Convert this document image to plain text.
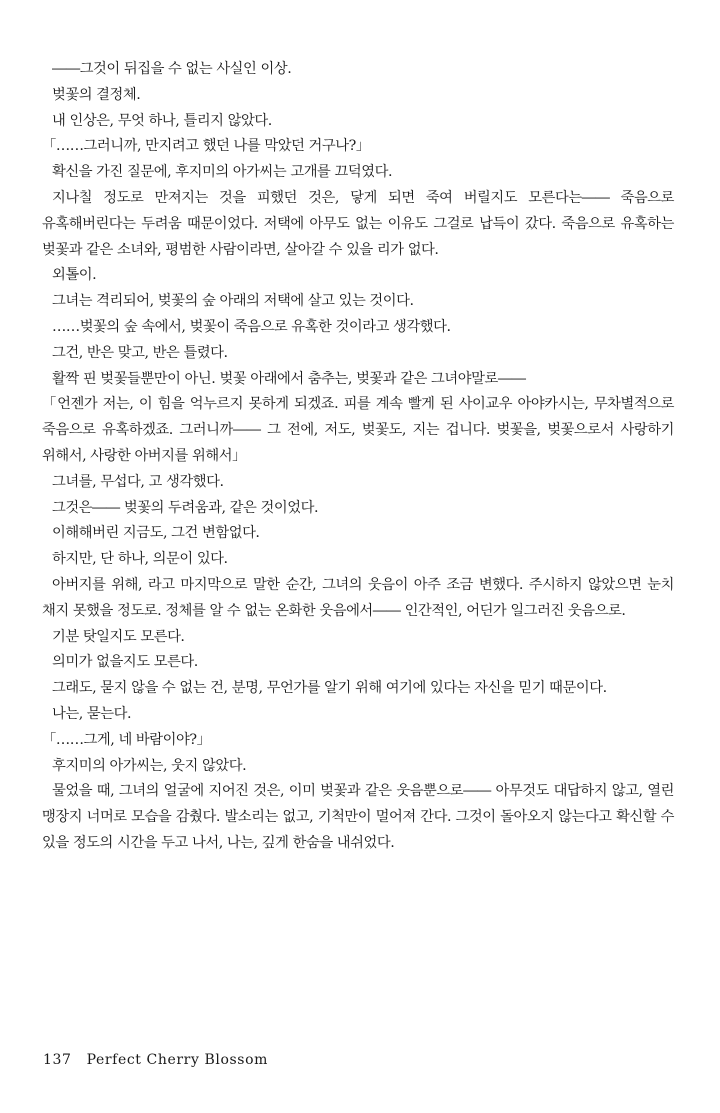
――그것이 뒤집을 수 없는 사실인 이상.

벚꽃의 결정체.

내 인상은, 무엇 하나, 틀리지 않았다.

「……그러니까, 만지려고 했던 나를 막았던 거구나?」

확신을 가진 질문에, 후지미의 아가씨는 고개를 끄덕였다.

지나칠 정도로 만져지는 것을 피했던 것은, 닿게 되면 죽여 버릴지도 모른다는―― 죽음으로 유혹해버린다는 두려움 때문이었다. 저택에 아무도 없는 이유도 그걸로 납득이 갔다. 죽음으로 유혹하는 벚꽃과 같은 소녀와, 평범한 사람이라면, 살아갈 수 있을 리가 없다.

외톨이.

그녀는 격리되어, 벚꽃의 숲 아래의 저택에 살고 있는 것이다.

……벚꽃의 숲 속에서, 벚꽃이 죽음으로 유혹한 것이라고 생각했다.

그건, 반은 맞고, 반은 틀렸다.

활짝 핀 벚꽃들뿐만이 아닌. 벚꽃 아래에서 춤추는, 벚꽃과 같은 그녀야말로――

「언젠가 저는, 이 힘을 억누르지 못하게 되겠죠. 피를 계속 빨게 된 사이교우 아야카시는, 무차별적으로 죽음으로 유혹하겠죠. 그러니까―― 그 전에, 저도, 벚꽃도, 지는 겁니다. 벚꽃을, 벚꽃으로서 사랑하기 위해서, 사랑한 아버지를 위해서」

그녀를, 무섭다, 고 생각했다.

그것은―― 벚꽃의 두려움과, 같은 것이었다.

이해해버린 지금도, 그건 변함없다.

하지만, 단 하나, 의문이 있다.

아버지를 위해, 라고 마지막으로 말한 순간, 그녀의 웃음이 아주 조금 변했다. 주시하지 않았으면 눈치 채지 못했을 정도로. 정체를 알 수 없는 온화한 웃음에서―― 인간적인, 어딘가 일그러진 웃음으로.

기분 탓일지도 모른다.

의미가 없을지도 모른다.

그래도, 묻지 않을 수 없는 건, 분명, 무언가를 알기 위해 여기에 있다는 자신을 믿기 때문이다.

나는, 묻는다.

「……그게, 네 바람이야?」

후지미의 아가씨는, 웃지 않았다.

물었을 때, 그녀의 얼굴에 지어진 것은, 이미 벚꽃과 같은 웃음뿐으로―― 아무것도 대답하지 않고, 열린 맹장지 너머로 모습을 감췄다. 발소리는 없고, 기척만이 멀어져 간다. 그것이 돌아오지 않는다고 확신할 수 있을 정도의 시간을 두고 나서, 나는, 깊게 한숨을 내쉬었다.

137 Perfect Cherry Blossom
